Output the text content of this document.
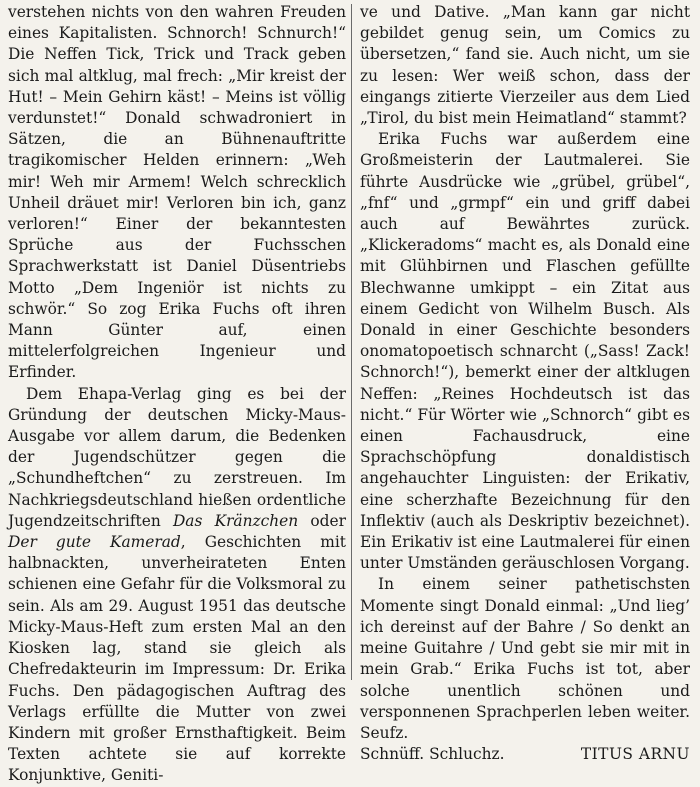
verstehen nichts von den wahren Freuden eines Kapitalisten. Schnorch! Schnurch!“ Die Neffen Tick, Trick und Track geben sich mal altklug, mal frech: „Mir kreist der Hut! – Mein Gehirn käst! – Meins ist völlig verdunstet!“ Donald schwadroniert in Sätzen, die an Bühnenauftritte tragikomischer Helden erinnern: „Weh mir! Weh mir Armem! Welch schrecklich Unheil dräuet mir! Verloren bin ich, ganz verloren!“ Einer der bekanntesten Sprüche aus der Fuchsschen Sprachwerkstatt ist Daniel Düsentriebs Motto „Dem Ingeniör ist nichts zu schwör.“ So zog Erika Fuchs oft ihren Mann Günter auf, einen mittelerfolgreichen Ingenieur und Erfinder.

Dem Ehapa-Verlag ging es bei der Gründung der deutschen Micky-Maus-Ausgabe vor allem darum, die Bedenken der Jugendschützer gegen die „Schundheftchen“ zu zerstreuen. Im Nachkriegsdeutschland hießen ordentliche Jugendzeitschriften Das Kränzchen oder Der gute Kamerad, Geschichten mit halbnackten, unverheirateten Enten schienen eine Gefahr für die Volksmoral zu sein. Als am 29. August 1951 das deutsche Micky-Maus-Heft zum ersten Mal an den Kiosken lag, stand sie gleich als Chefredakteurin im Impressum: Dr. Erika Fuchs. Den pädagogischen Auftrag des Verlags erfüllte die Mutter von zwei Kindern mit großer Ernsthaftigkeit. Beim Texten achtete sie auf korrekte Konjunktive, Geniti-

ve und Dative. „Man kann gar nicht gebildet genug sein, um Comics zu übersetzen,“ fand sie. Auch nicht, um sie zu lesen: Wer weiß schon, dass der eingangs zitierte Vierzeiler aus dem Lied „Tirol, du bist mein Heimatland“ stammt?

Erika Fuchs war außerdem eine Großmeisterin der Lautmalerei. Sie führte Ausdrücke wie „grübel, grübel“, „fnf“ und „grmpf“ ein und griff dabei auch auf Bewährtes zurück. „Klickeradoms“ macht es, als Donald eine mit Glühbirnen und Flaschen gefüllte Blechwanne umkippt – ein Zitat aus einem Gedicht von Wilhelm Busch. Als Donald in einer Geschichte besonders onomatopoetisch schnarcht („Sass! Zack! Schnorch!“), bemerkt einer der altklugen Neffen: „Reines Hochdeutsch ist das nicht.“ Für Wörter wie „Schnorch“ gibt es einen Fachausdruck, eine Sprachschöpfung donaldistisch angehauchter Linguisten: der Erikativ, eine scherzhafte Bezeichnung für den Inflektiv (auch als Deskriptiv bezeichnet). Ein Erikativ ist eine Lautmalerei für einen unter Umständen geräuschlosen Vorgang.

In einem seiner pathetischsten Momente singt Donald einmal: „Und lieg’ ich dereinst auf der Bahre / So denkt an meine Guitahre / Und gebt sie mir mit in mein Grab.“ Erika Fuchs ist tot, aber solche unentlich schönen und versponnenen Sprachperlen leben weiter. Seufz.

Schnüff. Schluchz.	TITUS ARNU
